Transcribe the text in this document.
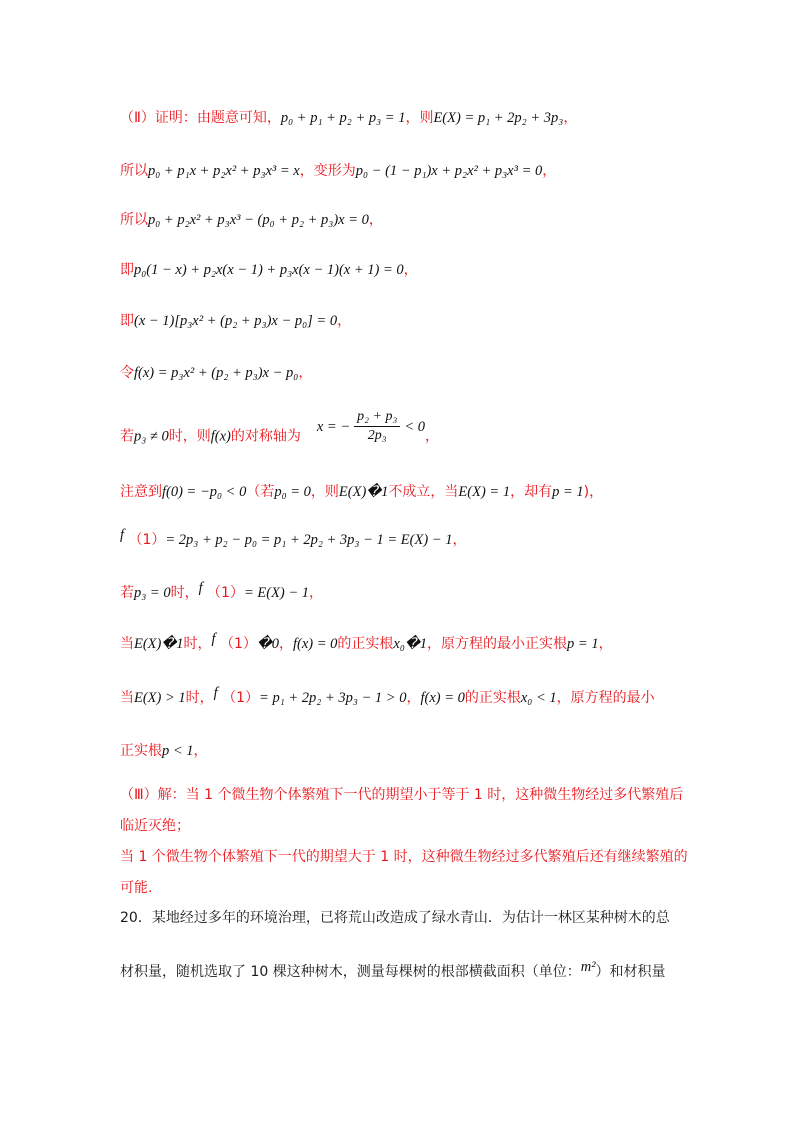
（Ⅱ）证明：由题意可知，p₀ + p₁ + p₂ + p₃ = 1，则E(X) = p₁ + 2p₂ + 3p₃，
所以p₀ + p₁x + p₂x² + p₃x³ = x，变形为p₀ − (1 − p₁)x + p₂x² + p₃x³ = 0，
所以p₀ + p₂x² + p₃x³ − (p₀ + p₂ + p₃)x = 0，
即p₀(1 − x) + p₂x(x − 1) + p₃x(x − 1)(x + 1) = 0，
即(x − 1)[p₃x² + (p₂ + p₃)x − p₀] = 0，
令f(x) = p₃x² + (p₂ + p₃)x − p₀，
若p₃ ≠ 0时，则f(x)的对称轴为x = − $\frac{\text{p₂ + p₃}}{\text{2p₃}} < 0$，
注意到f(0) = −p₀ < 0（若p₀ = 0，则E(X)�1不成立，当E(X) = 1，却有p = 1)，
f （1）= 2p₃ + p₂ − p₀ = p₁ + 2p₂ + 3p₃ − 1 = E(X) − 1，
若p₃ = 0时，f （1）= E(X) − 1，
当E(X)�1时，f （1）�0，f(x) = 0的正实根x₀�1，原方程的最小正实根p = 1，
当E(X) > 1时，f （1）= p₁ + 2p₂ + 3p₃ − 1 > 0，f(x) = 0的正实根x₀ < 1，原方程的最小
正实根p < 1，
（Ⅲ）解：当 1 个微生物个体繁殖下一代的期望小于等于 1 时，这种微生物经过多代繁殖后临近灭绝；
当 1 个微生物个体繁殖下一代的期望大于 1 时，这种微生物经过多代繁殖后还有继续繁殖的可能.
20．某地经过多年的环境治理，已将荒山改造成了绿水青山．为估计一林区某种树木的总
材积量，随机选取了 10 棵这种树木，测量每棵树的根部横截面积（单位：m²）和材积量
